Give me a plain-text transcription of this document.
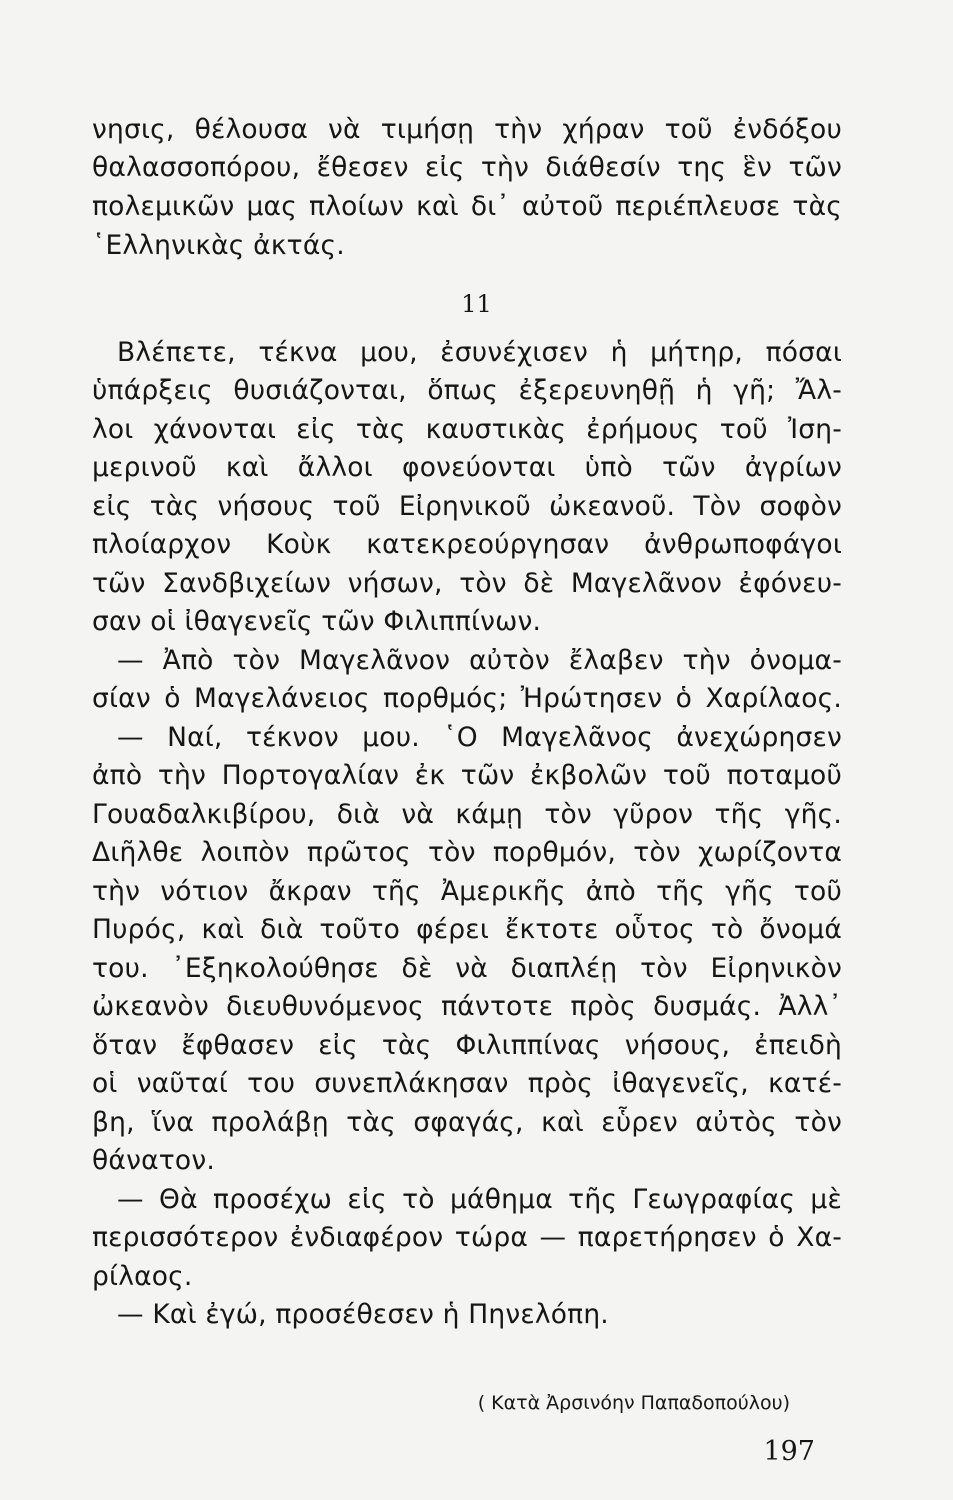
νησις, θέλουσα νὰ τιμήσῃ τὴν χήραν τοῦ ἐνδόξου
θαλασσοπόρου, ἔθεσεν εἰς τὴν διάθεσίν της ἓν τῶν
πολεμικῶν μας πλοίων καὶ δι᾿ αὐτοῦ περιέπλευσε τὰς
῾Ελληνικὰς ἀκτάς.
11
Βλέπετε, τέκνα μου, ἐσυνέχισεν ἡ μήτηρ, πόσαι
ὑπάρξεις θυσιάζονται, ὅπως ἐξερευνηθῇ ἡ γῆ; Ἄλ-
λοι χάνονται εἰς τὰς καυστικὰς ἐρήμους τοῦ Ἰση-
μερινοῦ καὶ ἄλλοι φονεύονται ὑπὸ τῶν ἀγρίων
εἰς τὰς νήσους τοῦ Εἰρηνικοῦ ὠκεανοῦ. Τὸν σοφὸν
πλοίαρχον Κοὺκ κατεκρεούργησαν ἀνθρωποφάγοι
τῶν Σανδβιχείων νήσων, τὸν δὲ Μαγελᾶνον ἐφόνευ-
σαν οἱ ἰθαγενεῖς τῶν Φιλιππίνων.
— Ἀπὸ τὸν Μαγελᾶνον αὐτὸν ἔλαβεν τὴν ὀνομα-
σίαν ὁ Μαγελάνειος πορθμός; Ἠρώτησεν ὁ Χαρίλαος.
— Ναί, τέκνον μου. ῾Ο Μαγελᾶνος ἀνεχώρησεν
ἀπὸ τὴν Πορτογαλίαν ἐκ τῶν ἐκβολῶν τοῦ ποταμοῦ
Γουαδαλκιβίρου, διὰ νὰ κάμῃ τὸν γῦρον τῆς γῆς.
Διῆλθε λοιπὸν πρῶτος τὸν πορθμόν, τὸν χωρίζοντα
τὴν νότιον ἄκραν τῆς Ἀμερικῆς ἀπὸ τῆς γῆς τοῦ
Πυρός, καὶ διὰ τοῦτο φέρει ἔκτοτε οὗτος τὸ ὄνομά
του. ᾿Εξηκολούθησε δὲ νὰ διαπλέῃ τὸν Εἰρηνικὸν
ὠκεανὸν διευθυνόμενος πάντοτε πρὸς δυσμάς. Ἀλλ᾿
ὅταν ἔφθασεν εἰς τὰς Φιλιππίνας νήσους, ἐπειδὴ
οἱ ναῦταί του συνεπλάκησαν πρὸς ἰθαγενεῖς, κατέ-
βη, ἵνα προλάβῃ τὰς σφαγάς, καὶ εὗρεν αὐτὸς τὸν
θάνατον.
— Θὰ προσέχω εἰς τὸ μάθημα τῆς Γεωγραφίας μὲ
περισσότερον ἐνδιαφέρον τώρα — παρετήρησεν ὁ Χα-
ρίλαος.
— Καὶ ἐγώ, προσέθεσεν ἡ Πηνελόπη.
( Κατὰ Ἀρσινόην Παπαδοπούλου)
197
